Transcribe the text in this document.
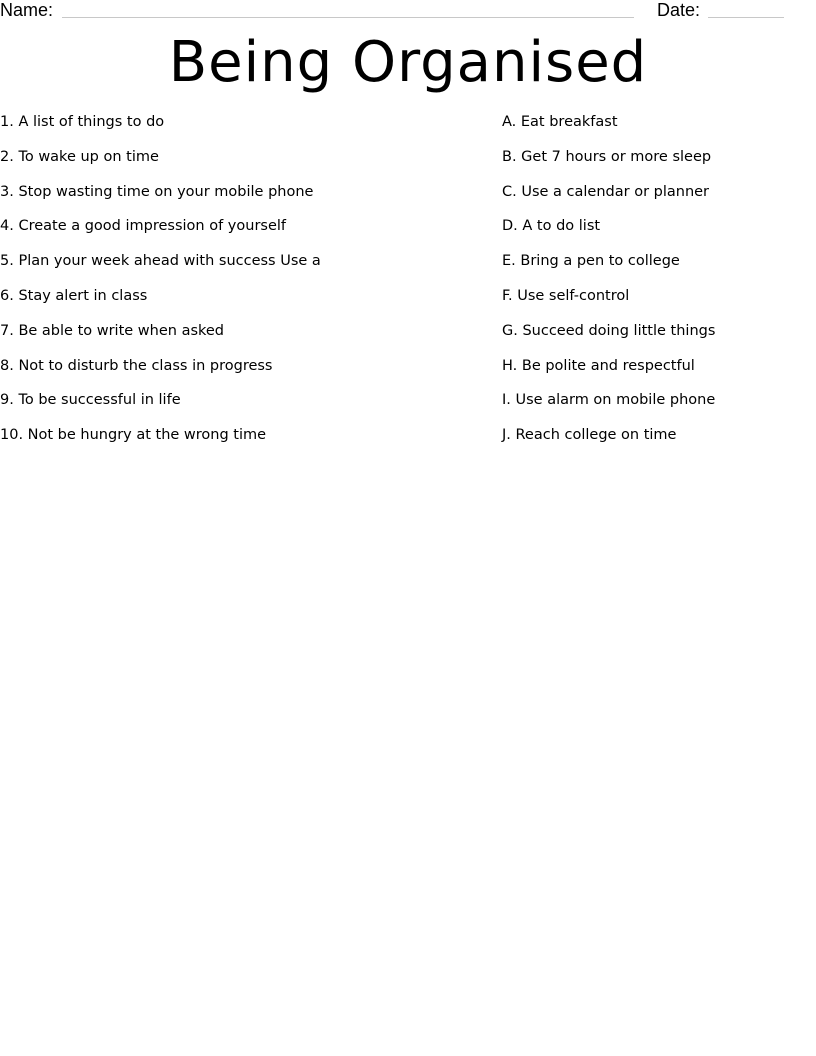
Name:	Date:
Being Organised
1. A list of things to do
2. To wake up on time
3. Stop wasting time on your mobile phone
4. Create a good impression of yourself
5. Plan your week ahead with success Use a
6. Stay alert in class
7. Be able to write when asked
8. Not to disturb the class in progress
9. To be successful in life
10. Not be hungry at the wrong time
A. Eat breakfast
B. Get 7 hours or more sleep
C. Use a calendar or planner
D. A to do list
E. Bring a pen to college
F. Use self-control
G. Succeed doing little things
H. Be polite and respectful
I. Use alarm on mobile phone
J. Reach college on time
